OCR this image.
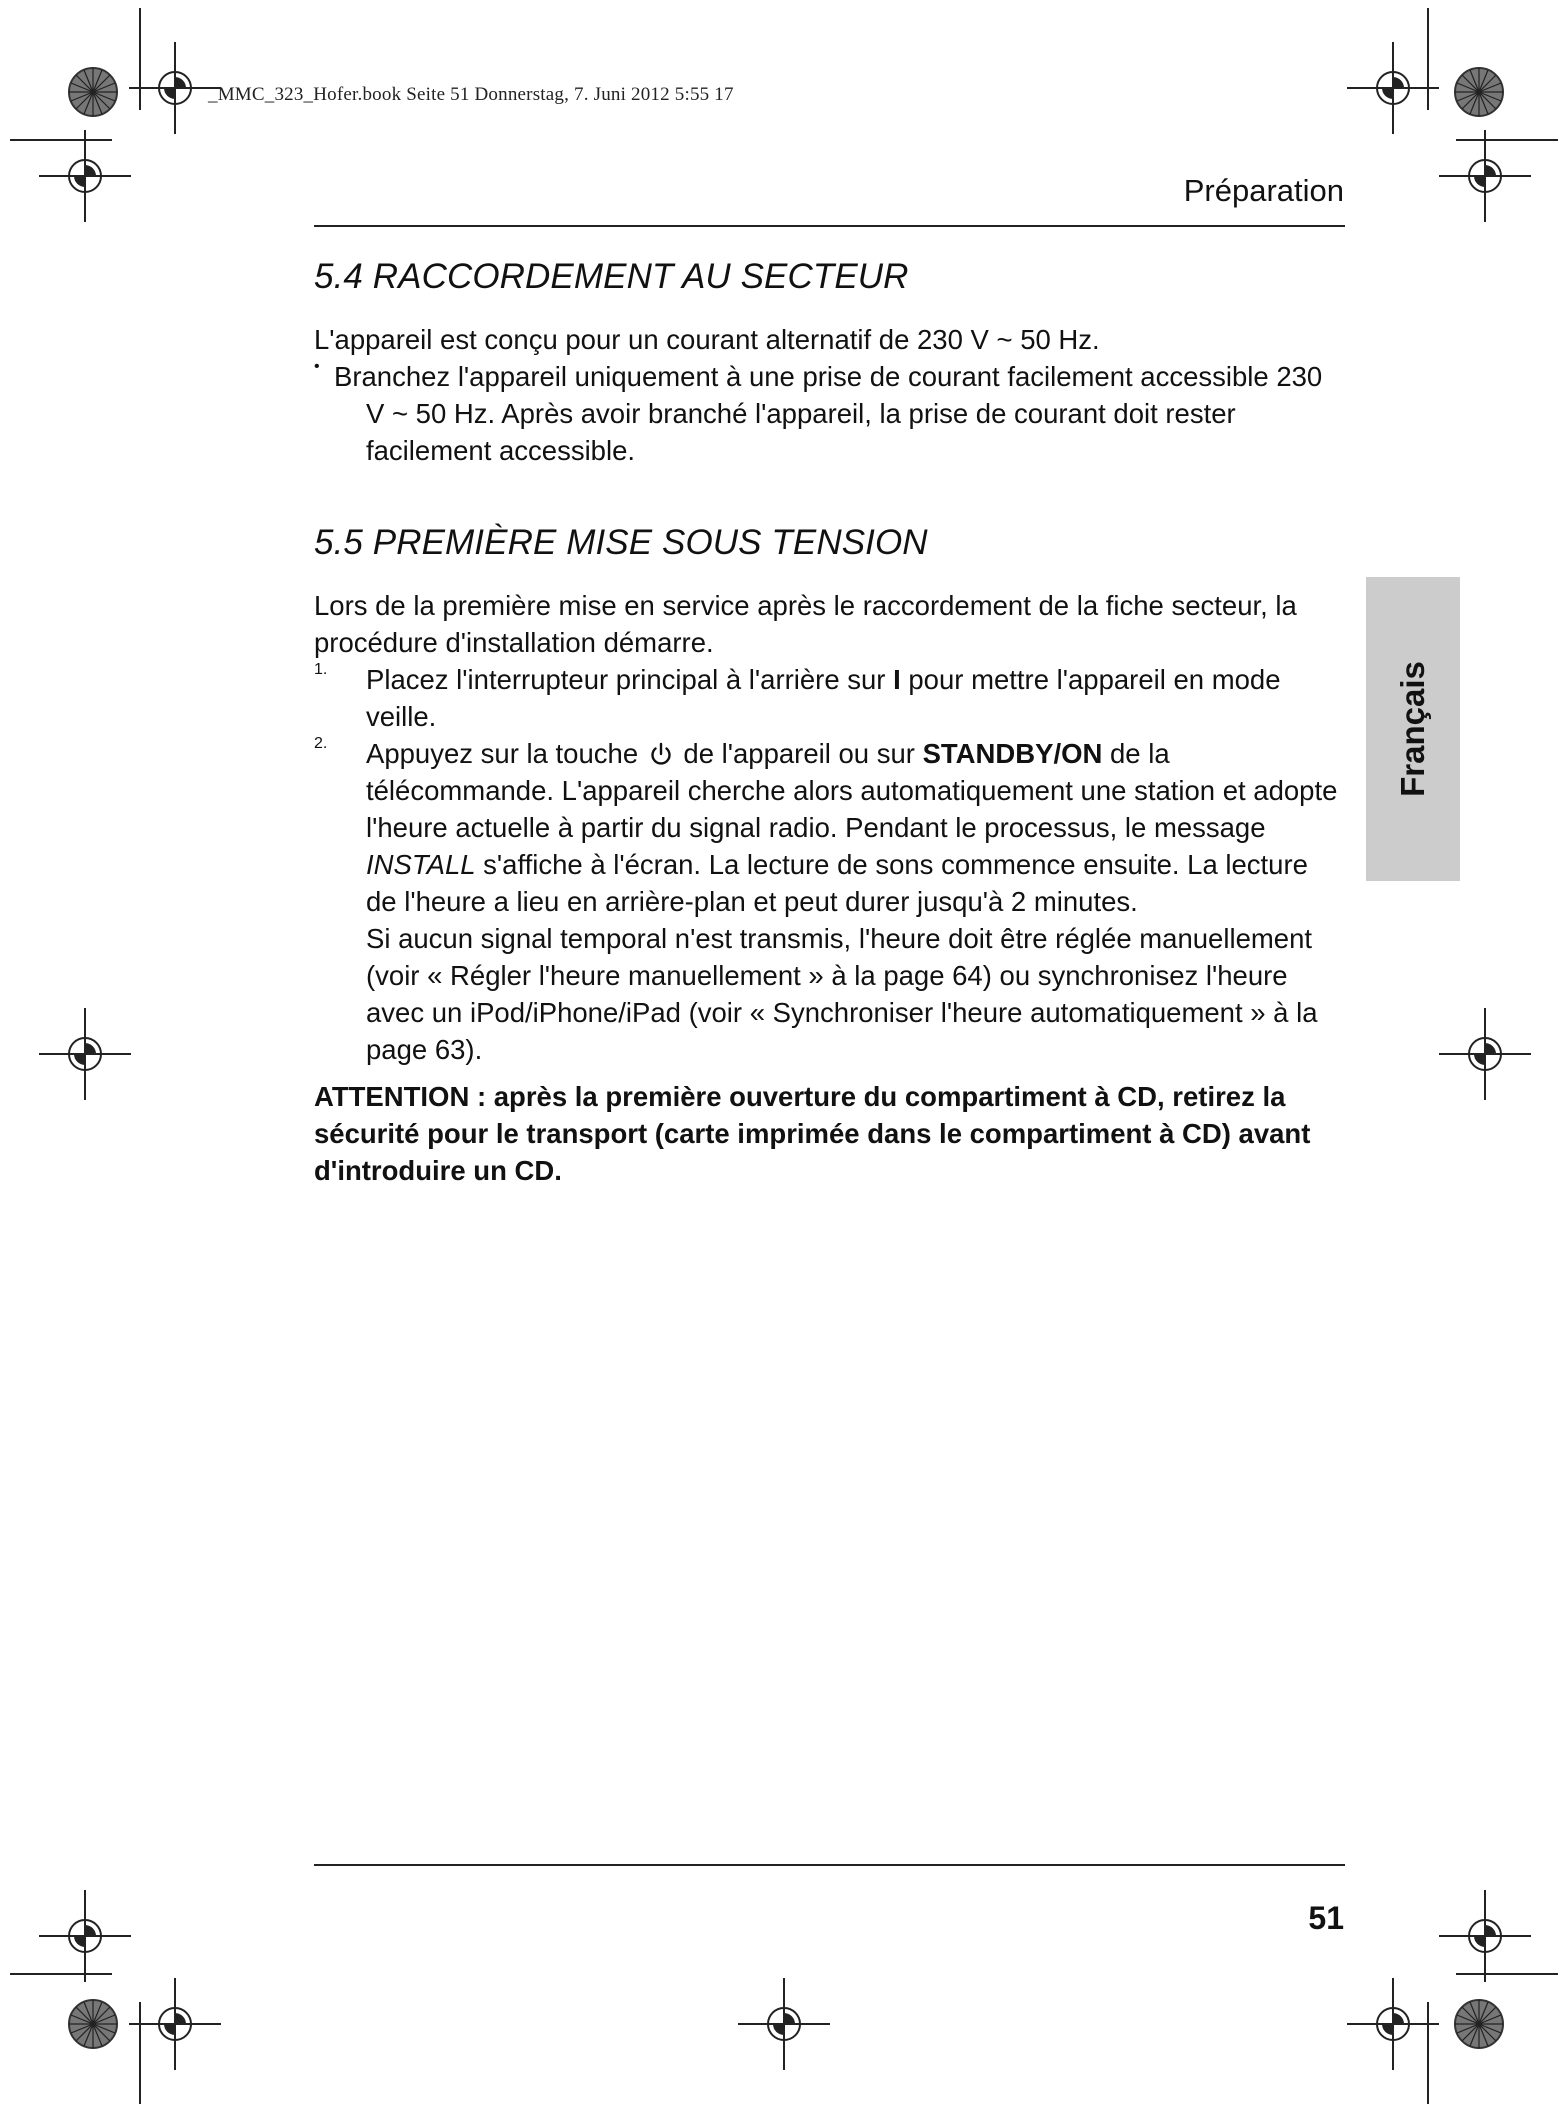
_MMC_323_Hofer.book Seite 51 Donnerstag, 7. Juni 2012 5:55 17
Préparation
5.4 RACCORDEMENT AU SECTEUR

L'appareil est conçu pour un courant alternatif de 230 V ~ 50 Hz.

• Branchez l'appareil uniquement à une prise de courant facilement accessible 230 V ~ 50 Hz. Après avoir branché l'appareil, la prise de courant doit rester facilement accessible.

5.5 PREMIÈRE MISE SOUS TENSION

Lors de la première mise en service après le raccordement de la fiche secteur, la procédure d'installation démarre.

1. Placez l'interrupteur principal à l'arrière sur I pour mettre l'appareil en mode veille.

2. Appuyez sur la touche  de l'appareil ou sur STANDBY/ON de la télécommande. L'appareil cherche alors automatiquement une station et adopte l'heure actuelle à partir du signal radio. Pendant le processus, le message INSTALL s'affiche à l'écran. La lecture de sons commence ensuite. La lecture de l'heure a lieu en arrière-plan et peut durer jusqu'à 2 minutes.

Si aucun signal temporal n'est transmis, l'heure doit être réglée manuellement (voir « Régler l'heure manuellement » à la page 64) ou synchronisez l'heure avec un iPod/iPhone/iPad (voir « Synchroniser l'heure automatiquement » à la page 63).

ATTENTION : après la première ouverture du compartiment à CD, retirez la sécurité pour le transport (carte imprimée dans le compartiment à CD) avant d'introduire un CD.

Français
51
